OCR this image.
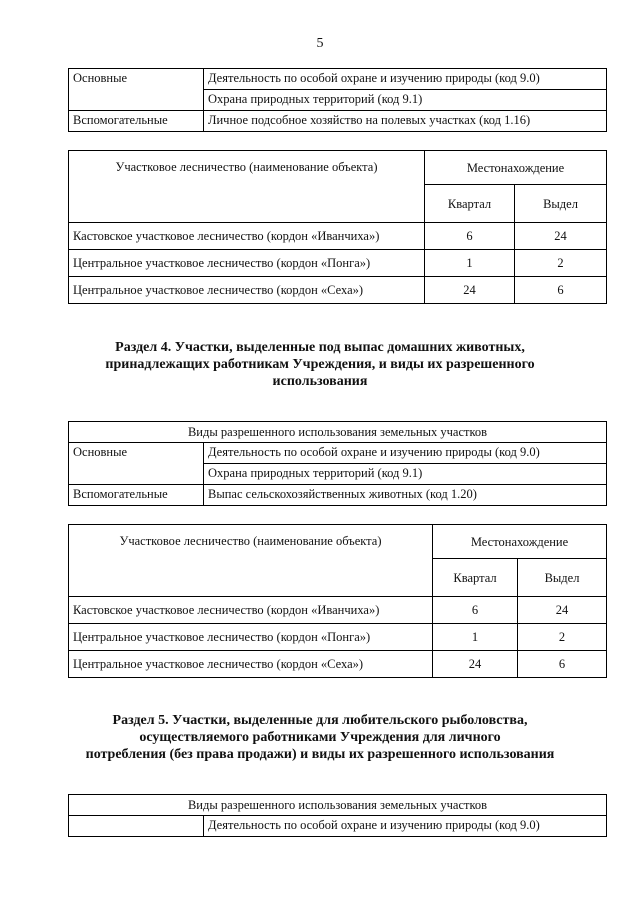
5
Основные	Деятельность по особой охране и изучению природы (код 9.0)
	Охрана природных территорий (код 9.1)
Вспомогательные	Личное подсобное хозяйство на полевых участках (код 1.16)
Участковое лесничество (наименование объекта)	Местонахождение	
	Квартал	Выдел
Кастовское участковое лесничество (кордон «Иванчиха»)	6	24
Центральное участковое лесничество (кордон «Понга»)	1	2
Центральное участковое лесничество (кордон «Сеха»)	24	6
Раздел 4. Участки, выделенные под выпас домашних животных,
принадлежащих работникам Учреждения, и виды их разрешенного
использования
Виды разрешенного использования земельных участков	
Основные	Деятельность по особой охране и изучению природы (код 9.0)
	Охрана природных территорий (код 9.1)
Вспомогательные	Выпас сельскохозяйственных животных (код 1.20)
Участковое лесничество (наименование объекта)	Местонахождение	
	Квартал	Выдел
Кастовское участковое лесничество (кордон «Иванчиха»)	6	24
Центральное участковое лесничество (кордон «Понга»)	1	2
Центральное участковое лесничество (кордон «Сеха»)	24	6
Раздел 5. Участки, выделенные для любительского рыболовства,
осуществляемого работниками Учреждения для личного
потребления (без права продажи) и виды их разрешенного использования
Виды разрешенного использования земельных участков
	Деятельность по особой охране и изучению природы (код 9.0)
